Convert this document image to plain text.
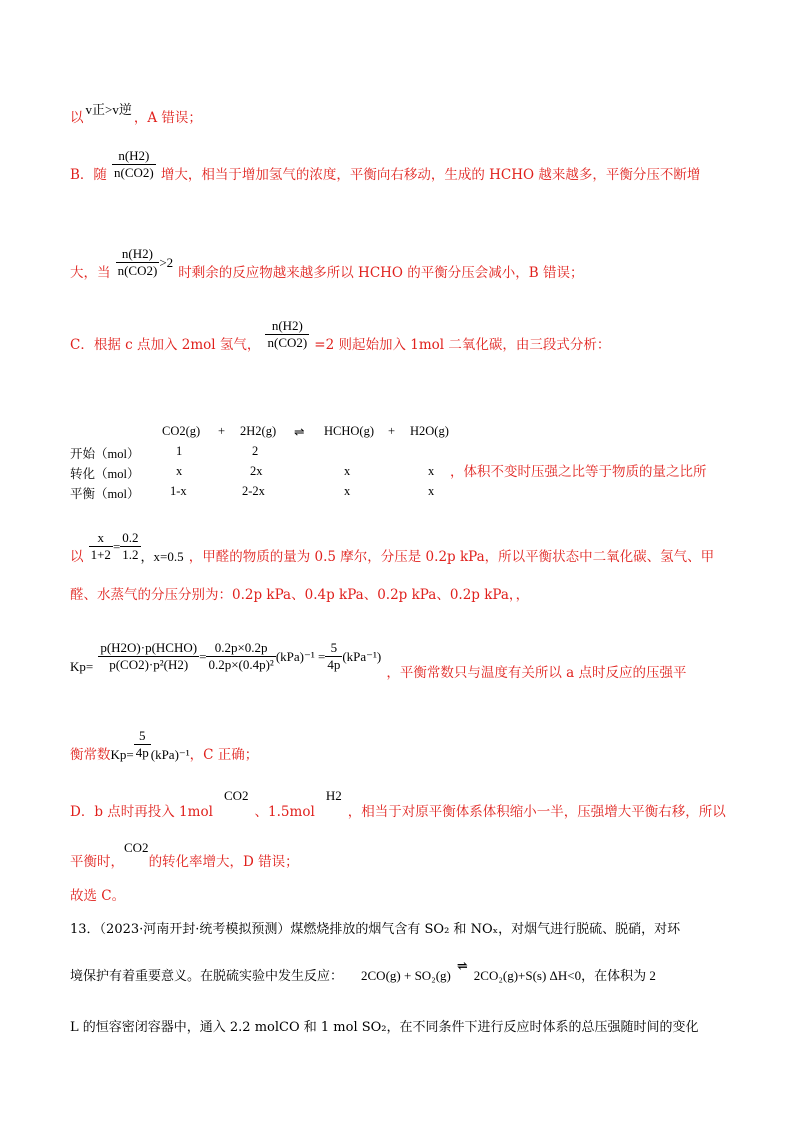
以v正>v逆，A 错误；
$_{B.随} \frac{n(H2)}{n(CO2)} _{增大,相当于增加氢气的浓度,平衡向右移动,生成的 HCHO 越来越多,平衡分压不断增}$
$_{大,当} \frac{n(H2)}{n(CO2)} >2$ $_{时剩余的反应物越来越多所以 HCHO 的平衡分压会减小,B 错误;}$
$_{C.根据 c 点加入 2mol 氢气,} \frac{n(H2)}{n(CO2)} _{=2 则起始加入 1mol 二氧化碳,由三段式分析:}$
CO2(g) + 2H2(g) ⇌ HCHO(g) + H2O(g)
开始（mol）	1	2
转化（mol）	x	2x	x	x
平衡（mol） 1-x	2-2x	x	x
，体积不变时压强之比等于物质的量之比所
$_以 \frac{x}{1+2} = \frac{0.2}{1.2} _{,x=0.5}$ $_{,甲醛的物质的量为 0.5 摩尔,分压是 0.2p kPa,所以平衡状态中二氧化碳、氢气、甲}$
醛、水蒸气的分压分别为：0.2p kPa、0.4p kPa、0.2p kPa、0.2p kPa，，
$_{Kp=} \frac{\text{p(H2O)·p(HCHO)}}{\text{p(CO2)·p²(H2)}} = \frac{0.2p\times 0.2p}{\text{0.2p×(0.4p)²}} (kPa)^{-1} = \frac{5}{4p} (kPa^{-1})$ $_{,平衡常数只与温度有关所以 a 点时反应的压强平}$
$_{衡常数Kp=} \frac{5}{4p} _{(kPa)^{-1},C 正确;}$
$_{D.b 点时再投入 1mol}$ $^{CO2}_{、1.5mol}$ $^{H2}_{,相当于对原平衡体系体积缩小一半,压强增大平衡右移,所以}$
$_{平衡时,}^{CO2}_{的转化率增大,D 错误;}$
故选 C。
13．（2023·河南开封·统考模拟预测）煤燃烧排放的烟气含有 SO₂ 和 NOₓ，对烟气进行脱硫、脱硝，对环
境保护有着重要意义。在脱硫实验中发生反应： 2CO(g) + SO₂(g)⇌2CO₂(g)+S(s) ΔH<0，在体积为 2
L 的恒容密闭容器中，通入 2.2 molCO 和 1 mol SO₂，在不同条件下进行反应时体系的总压强随时间的变化
